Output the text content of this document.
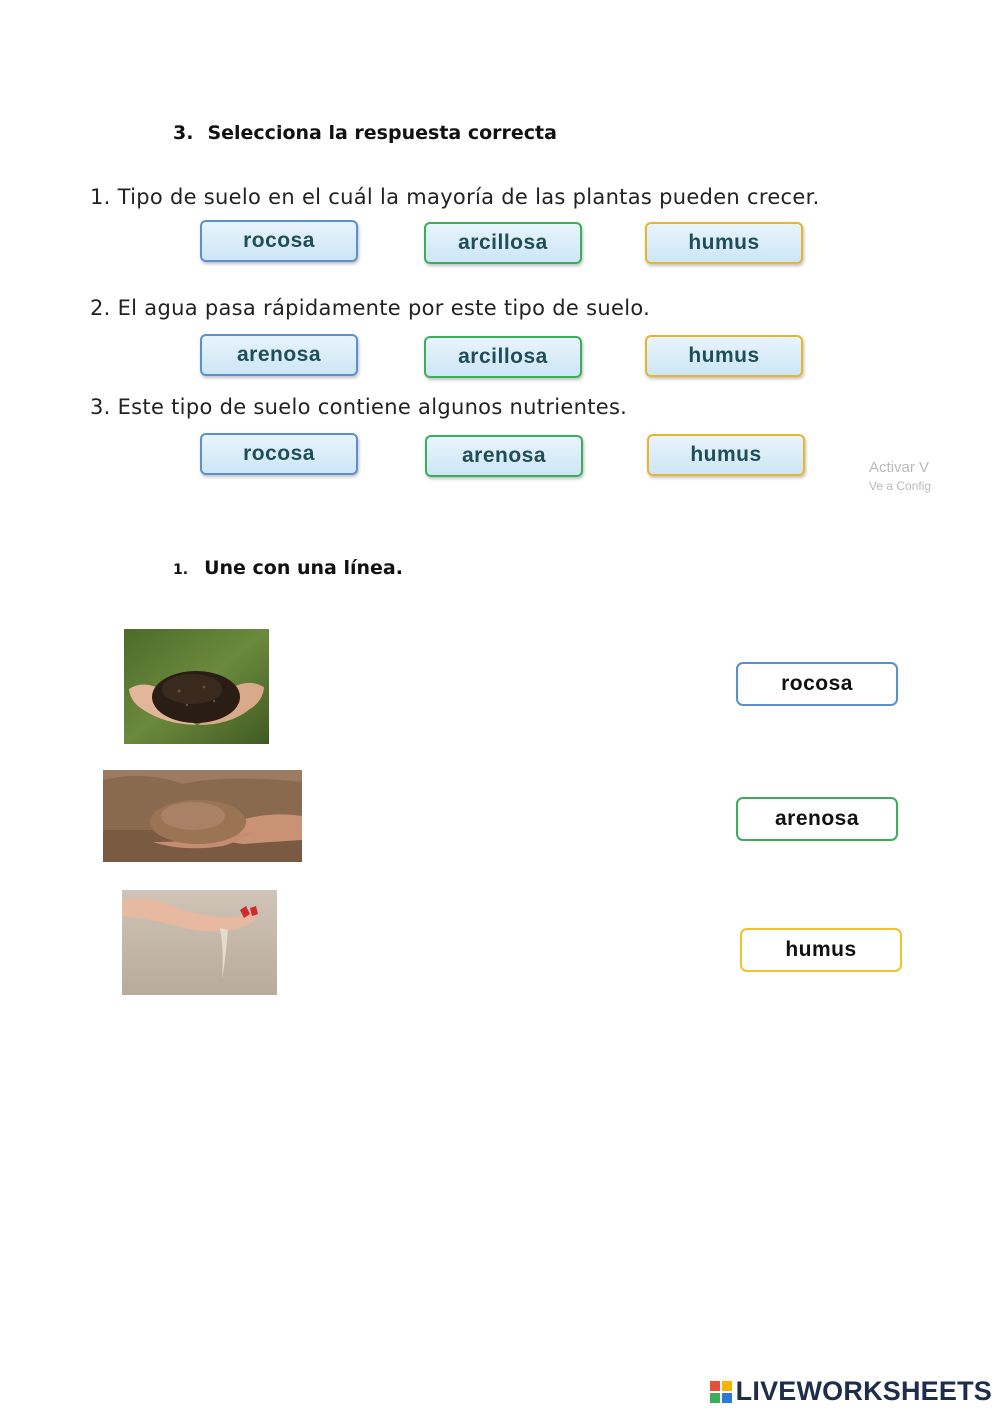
3. Selecciona la respuesta correcta
1. Tipo de suelo en el cuál la mayoría de las plantas pueden crecer.
rocosa	arcillosa	humus
2. El agua pasa rápidamente por este tipo de suelo.
arenosa	arcillosa	humus
3. Este tipo de suelo contiene algunos nutrientes.
rocosa	arenosa	humus
Activar V
Ve a Config
1. Une con una línea.
rocosa
arenosa
humus
LIVEWORKSHEETS
